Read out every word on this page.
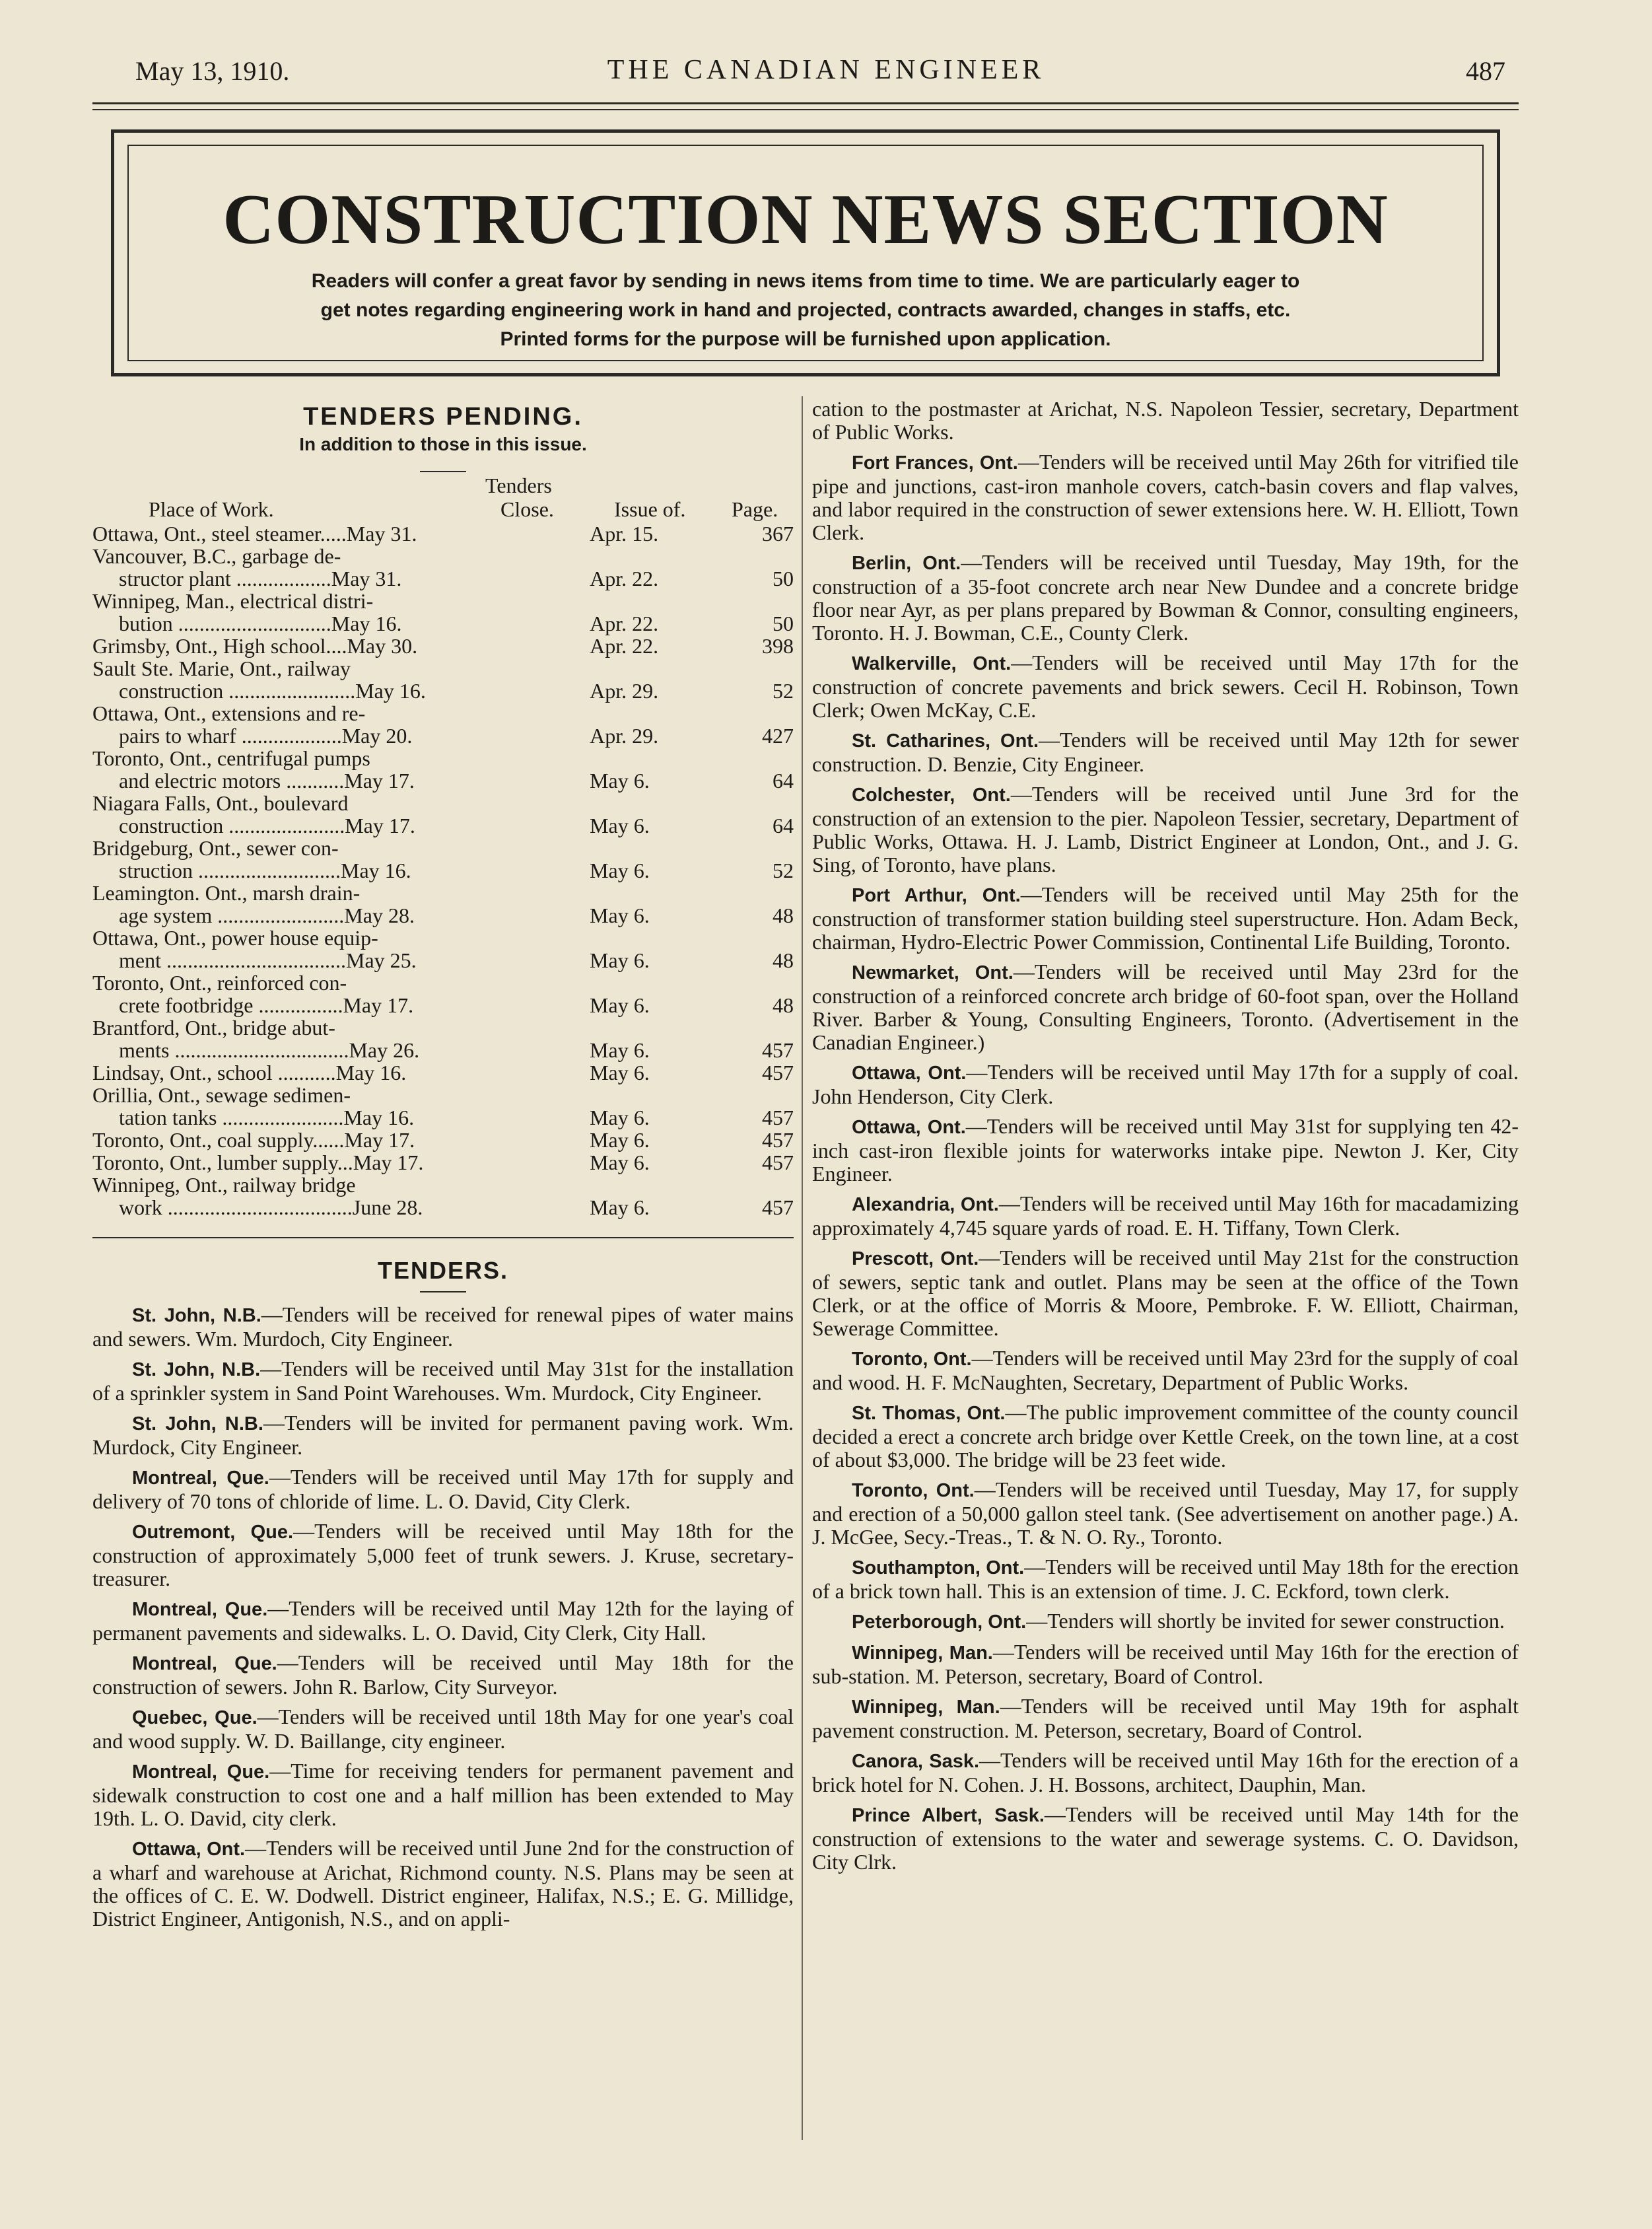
May 13, 1910.	THE CANADIAN ENGINEER	487
CONSTRUCTION NEWS SECTION

Readers will confer a great favor by sending in news items from time to time. We are particularly eager to

get notes regarding engineering work in hand and projected, contracts awarded, changes in staffs, etc.

Printed forms for the purpose will be furnished upon application.

TENDERS PENDING.
In addition to those in this issue.
Tenders
Place of Work.	Close.	Issue of. Page.
Ottawa, Ont., steel steamer.....May 31.	Apr. 15.	367

Vancouver, B.C., garbage de-
structor plant ..................May 31.	Apr. 22.	50

Winnipeg, Man., electrical distri-
bution .............................May 16.	Apr. 22.	50

Grimsby, Ont., High school....May 30.	Apr. 22.	398

Sault Ste. Marie, Ont., railway
construction ........................May 16.	Apr. 29.	52

Ottawa, Ont., extensions and re-
pairs to wharf ...................May 20.	Apr. 29.	427

Toronto, Ont., centrifugal pumps
and electric motors ...........May 17.	May 6.	64

Niagara Falls, Ont., boulevard
construction ......................May 17.	May 6.	64

Bridgeburg, Ont., sewer con-
struction ...........................May 16.	May 6.	52

Leamington. Ont., marsh drain-
age system ........................May 28.	May 6.	48

Ottawa, Ont., power house equip-
ment ..................................May 25.	May 6.	48

Toronto, Ont., reinforced con-
crete footbridge ................May 17.	May 6.	48

Brantford, Ont., bridge abut-
ments .................................May 26.	May 6.	457

Lindsay, Ont., school ...........May 16.	May 6.	457

Orillia, Ont., sewage sedimen-
tation tanks .......................May 16.	May 6.	457

Toronto, Ont., coal supply......May 17.	May 6.	457

Toronto, Ont., lumber supply...May 17.	May 6.	457

Winnipeg, Ont., railway bridge
work ...................................June 28.	May 6.	457
TENDERS.

St. John, N.B.—Tenders will be received for renewal pipes of water mains and sewers. Wm. Murdoch, City Engineer.

St. John, N.B.—Tenders will be received until May 31st for the installation of a sprinkler system in Sand Point Warehouses. Wm. Murdock, City Engineer.

St. John, N.B.—Tenders will be invited for permanent paving work. Wm. Murdock, City Engineer.

Montreal, Que.—Tenders will be received until May 17th for supply and delivery of 70 tons of chloride of lime. L. O. David, City Clerk.

Outremont, Que.—Tenders will be received until May 18th for the construction of approximately 5,000 feet of trunk sewers. J. Kruse, secretary-treasurer.

Montreal, Que.—Tenders will be received until May 12th for the laying of permanent pavements and sidewalks. L. O. David, City Clerk, City Hall.

Montreal, Que.—Tenders will be received until May 18th for the construction of sewers. John R. Barlow, City Surveyor.

Quebec, Que.—Tenders will be received until 18th May for one year's coal and wood supply. W. D. Baillange, city engineer.

Montreal, Que.—Time for receiving tenders for permanent pavement and sidewalk construction to cost one and a half million has been extended to May 19th. L. O. David, city clerk.

Ottawa, Ont.—Tenders will be received until June 2nd for the construction of a wharf and warehouse at Arichat, Richmond county. N.S. Plans may be seen at the offices of C. E. W. Dodwell. District engineer, Halifax, N.S.; E. G. Millidge, District Engineer, Antigonish, N.S., and on appli-

cation to the postmaster at Arichat, N.S. Napoleon Tessier, secretary, Department of Public Works.

Fort Frances, Ont.—Tenders will be received until May 26th for vitrified tile pipe and junctions, cast-iron manhole covers, catch-basin covers and flap valves, and labor required in the construction of sewer extensions here. W. H. Elliott, Town Clerk.

Berlin, Ont.—Tenders will be received until Tuesday, May 19th, for the construction of a 35-foot concrete arch near New Dundee and a concrete bridge floor near Ayr, as per plans prepared by Bowman & Connor, consulting engineers, Toronto. H. J. Bowman, C.E., County Clerk.

Walkerville, Ont.—Tenders will be received until May 17th for the construction of concrete pavements and brick sewers. Cecil H. Robinson, Town Clerk; Owen McKay, C.E.

St. Catharines, Ont.—Tenders will be received until May 12th for sewer construction. D. Benzie, City Engineer.

Colchester, Ont.—Tenders will be received until June 3rd for the construction of an extension to the pier. Napoleon Tessier, secretary, Department of Public Works, Ottawa. H. J. Lamb, District Engineer at London, Ont., and J. G. Sing, of Toronto, have plans.

Port Arthur, Ont.—Tenders will be received until May 25th for the construction of transformer station building steel superstructure. Hon. Adam Beck, chairman, Hydro-Electric Power Commission, Continental Life Building, Toronto.

Newmarket, Ont.—Tenders will be received until May 23rd for the construction of a reinforced concrete arch bridge of 60-foot span, over the Holland River. Barber & Young, Consulting Engineers, Toronto. (Advertisement in the Canadian Engineer.)

Ottawa, Ont.—Tenders will be received until May 17th for a supply of coal. John Henderson, City Clerk.

Ottawa, Ont.—Tenders will be received until May 31st for supplying ten 42-inch cast-iron flexible joints for waterworks intake pipe. Newton J. Ker, City Engineer.

Alexandria, Ont.—Tenders will be received until May 16th for macadamizing approximately 4,745 square yards of road. E. H. Tiffany, Town Clerk.

Prescott, Ont.—Tenders will be received until May 21st for the construction of sewers, septic tank and outlet. Plans may be seen at the office of the Town Clerk, or at the office of Morris & Moore, Pembroke. F. W. Elliott, Chairman, Sewerage Committee.

Toronto, Ont.—Tenders will be received until May 23rd for the supply of coal and wood. H. F. McNaughten, Secretary, Department of Public Works.

St. Thomas, Ont.—The public improvement committee of the county council decided a erect a concrete arch bridge over Kettle Creek, on the town line, at a cost of about $3,000. The bridge will be 23 feet wide.

Toronto, Ont.—Tenders will be received until Tuesday, May 17, for supply and erection of a 50,000 gallon steel tank. (See advertisement on another page.) A. J. McGee, Secy.-Treas., T. & N. O. Ry., Toronto.

Southampton, Ont.—Tenders will be received until May 18th for the erection of a brick town hall. This is an extension of time. J. C. Eckford, town clerk.

Peterborough, Ont.—Tenders will shortly be invited for sewer construction.

Winnipeg, Man.—Tenders will be received until May 16th for the erection of sub-station. M. Peterson, secretary, Board of Control.

Winnipeg, Man.—Tenders will be received until May 19th for asphalt pavement construction. M. Peterson, secretary, Board of Control.

Canora, Sask.—Tenders will be received until May 16th for the erection of a brick hotel for N. Cohen. J. H. Bossons, architect, Dauphin, Man.

Prince Albert, Sask.—Tenders will be received until May 14th for the construction of extensions to the water and sewerage systems. C. O. Davidson, City Clrk.
